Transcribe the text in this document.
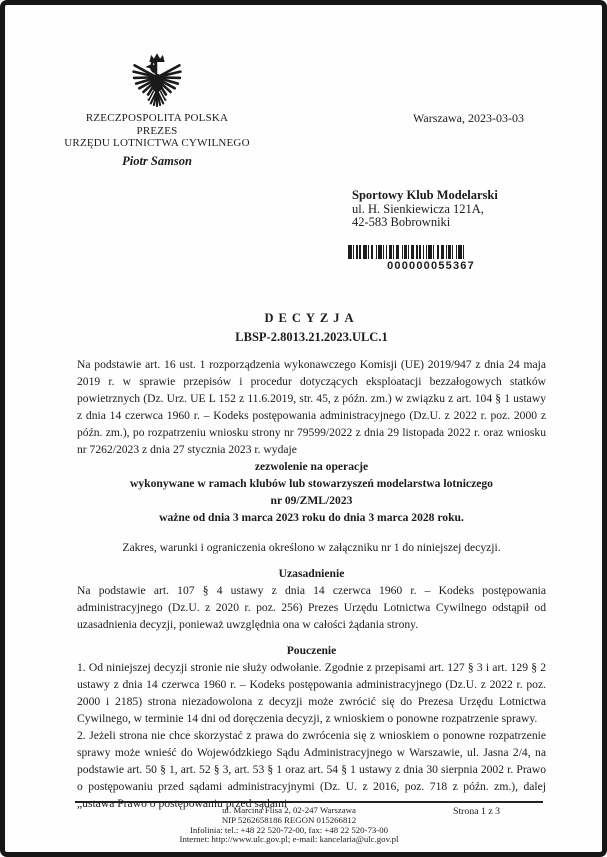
RZECZPOSPOLITA POLSKA
PREZES
URZĘDU LOTNICTWA CYWILNEGO
Piotr Samson
Warszawa, 2023-03-03
Sportowy Klub Modelarski
ul. H. Sienkiewicza 121A,
42-583 Bobrowniki
000000055367
DECYZJA
LBSP-2.8013.21.2023.ULC.1

Na podstawie art. 16 ust. 1 rozporządzenia wykonawczego Komisji (UE) 2019/947 z dnia 24 maja 2019 r. w sprawie przepisów i procedur dotyczących eksploatacji bezzałogowych statków powietrznych (Dz. Urz. UE L 152 z 11.6.2019, str. 45, z późn. zm.) w związku z art. 104 § 1 ustawy z dnia 14 czerwca 1960 r. – Kodeks postępowania administracyjnego (Dz.U. z 2022 r. poz. 2000 z późn. zm.), po rozpatrzeniu wniosku strony nr 79599/2022 z dnia 29 listopada 2022 r. oraz wniosku nr 7262/2023 z dnia 27 stycznia 2023 r. wydaje

zezwolenie na operacje
wykonywane w ramach klubów lub stowarzyszeń modelarstwa lotniczego
nr 09/ZML/2023
ważne od dnia 3 marca 2023 roku do dnia 3 marca 2028 roku.
Zakres, warunki i ograniczenia określono w załączniku nr 1 do niniejszej decyzji.
Uzasadnienie

Na podstawie art. 107 § 4 ustawy z dnia 14 czerwca 1960 r. – Kodeks postępowania administracyjnego (Dz.U. z 2020 r. poz. 256) Prezes Urzędu Lotnictwa Cywilnego odstąpił od uzasadnienia decyzji, ponieważ uwzględnia ona w całości żądania strony.

Pouczenie

1. Od niniejszej decyzji stronie nie służy odwołanie. Zgodnie z przepisami art. 127 § 3 i art. 129 § 2 ustawy z dnia 14 czerwca 1960 r. – Kodeks postępowania administracyjnego (Dz.U. z 2022 r. poz. 2000 i 2185) strona niezadowolona z decyzji może zwrócić się do Prezesa Urzędu Lotnictwa Cywilnego, w terminie 14 dni od doręczenia decyzji, z wnioskiem o ponowne rozpatrzenie sprawy.

2. Jeżeli strona nie chce skorzystać z prawa do zwrócenia się z wnioskiem o ponowne rozpatrzenie sprawy może wnieść do Wojewódzkiego Sądu Administracyjnego w Warszawie, ul. Jasna 2/4, na podstawie art. 50 § 1, art. 52 § 3, art. 53 § 1 oraz art. 54 § 1 ustawy z dnia 30 sierpnia 2002 r. Prawo o postępowaniu przed sądami administracyjnymi (Dz. U. z 2016, poz. 718 z późn. zm.), dalej „ustawa Prawo o postępowaniu przed sądami

ul. Marcina Flisa 2, 02-247 Warszawa
NIP 5262658186 REGON 015266812
Infolinia: tel.: +48 22 520-72-00, fax: +48 22 520-73-00
Internet: http://www.ulc.gov.pl; e-mail: kancelaria@ulc.gov.pl
Strona 1 z 3
